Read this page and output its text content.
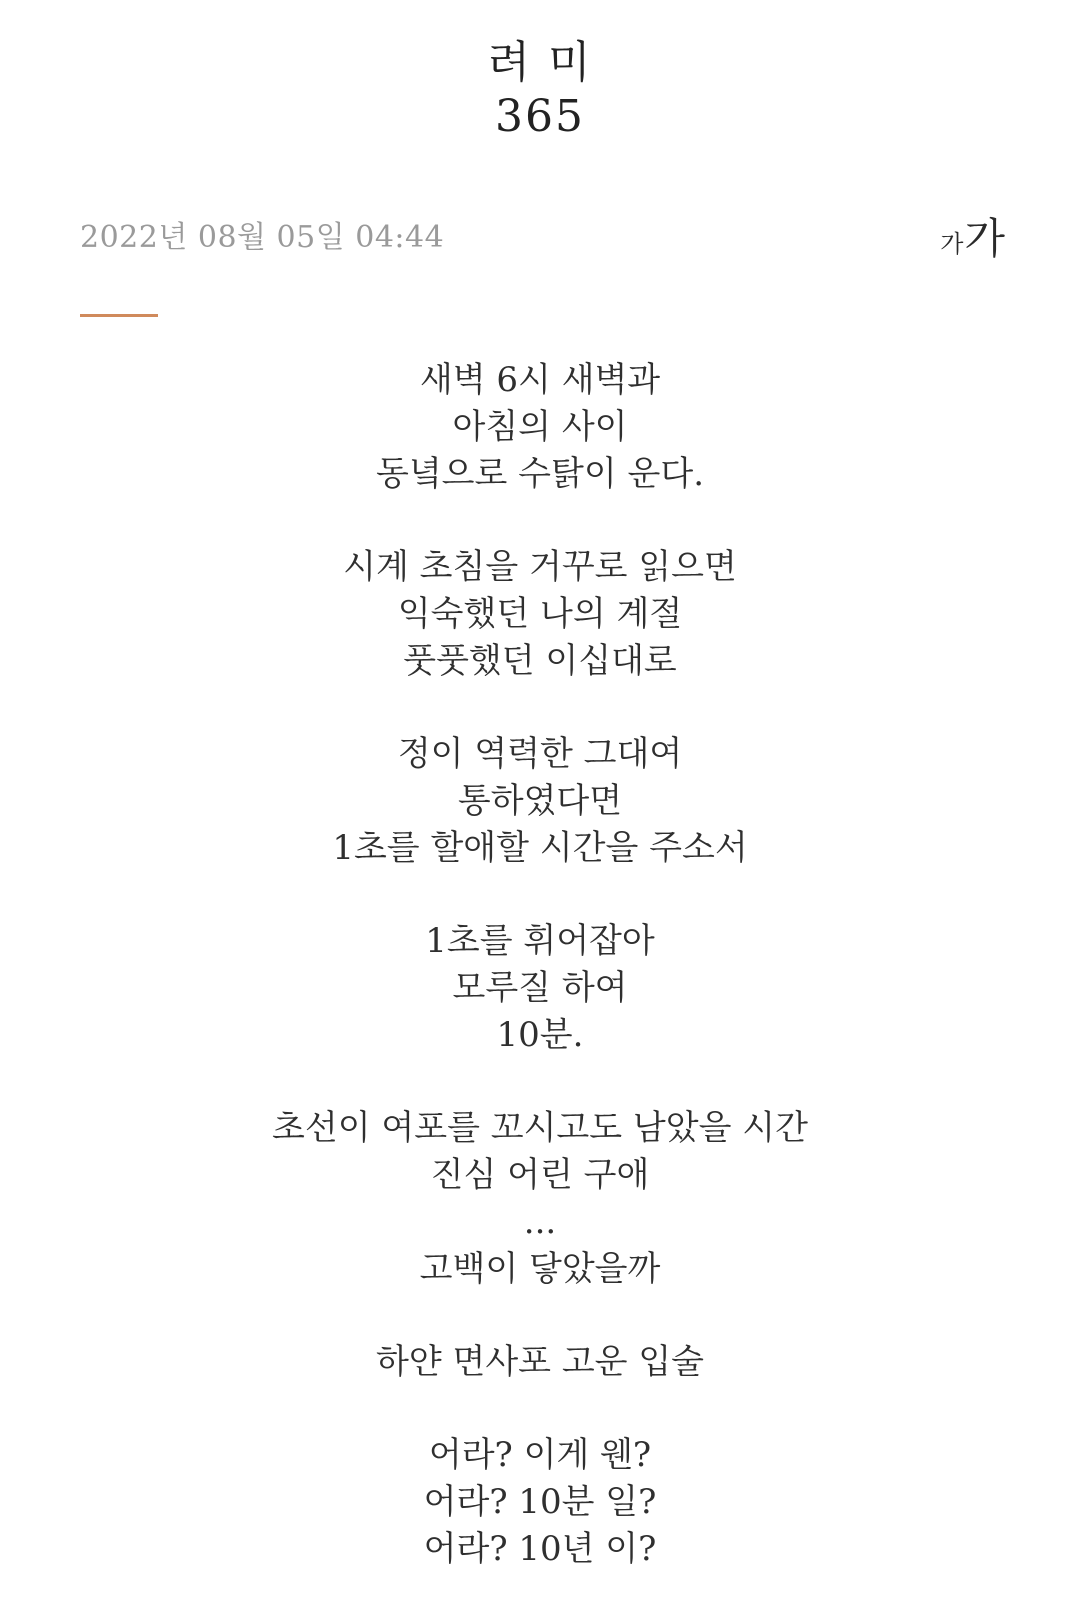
려 미
365
2022년 08월 05일 04:44	가 가
새벽 6시 새벽과
아침의 사이
동녘으로 수탉이 운다.
시계 초침을 거꾸로 읽으면
익숙했던 나의 계절
풋풋했던 이십대로
정이 역력한 그대여
통하였다면
1초를 할애할 시간을 주소서
1초를 휘어잡아
모루질 하여
10분.
초선이 여포를 꼬시고도 남았을 시간
진심 어린 구애
...
고백이 닿았을까
하얀 면사포 고운 입술
어라? 이게 웬?
어라? 10분 일?
어라? 10년 이?
